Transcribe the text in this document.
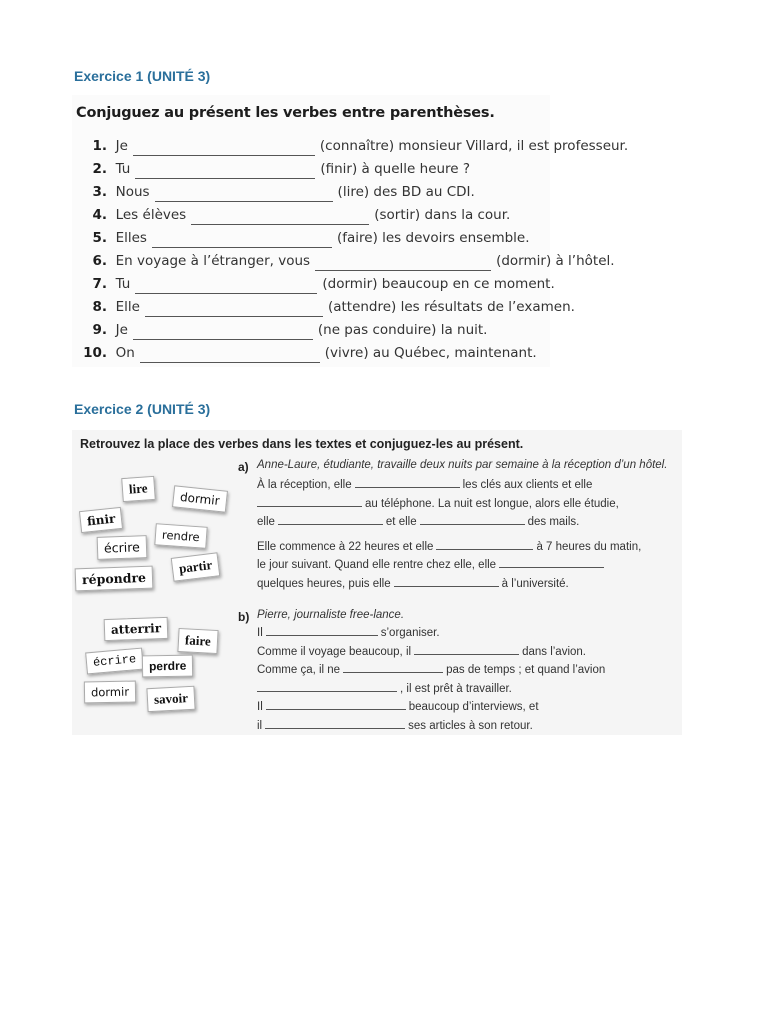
Exercice 1 (UNITÉ 3)

Conjuguez au présent les verbes entre parenthèses.

1.
Je	(connaître) monsieur Villard, il est professeur.
2.
Tu	(finir) à quelle heure ?
3.
Nous	(lire) des BD au CDI.
4.
Les élèves	(sortir) dans la cour.
5.
Elles	(faire) les devoirs ensemble.
6.
En voyage à l’étranger, vous	(dormir) à l’hôtel.
7.
Tu	(dormir) beaucoup en ce moment.
8.
Elle	(attendre) les résultats de l’examen.
9.
Je	(ne pas conduire) la nuit.
10.
On	(vivre) au Québec, maintenant.
Exercice 2 (UNITÉ 3)

Retrouvez la place des verbes dans les textes et conjuguez-les au présent.

lire
dormir
finir
rendre
écrire
partir
répondre
atterrir
faire
écrire	perdre
dormir	savoir
a) Anne-Laure, étudiante, travaille deux nuits par semaine à la réception d’un hôtel.

À la réception, elle	les clés aux clients et elle

au téléphone. La nuit est longue, alors elle étudie,

elle	et elle	des mails.

Elle commence à 22 heures et elle	à 7 heures du matin,

le jour suivant. Quand elle rentre chez elle, elle

quelques heures, puis elle	à l’université.

b) Pierre, journaliste free-lance.

Il	s’organiser.

Comme il voyage beaucoup, il	dans l’avion.

Comme ça, il ne	pas de temps ; et quand l’avion

, il est prêt à travailler.

Il	beaucoup d’interviews, et

il	ses articles à son retour.
